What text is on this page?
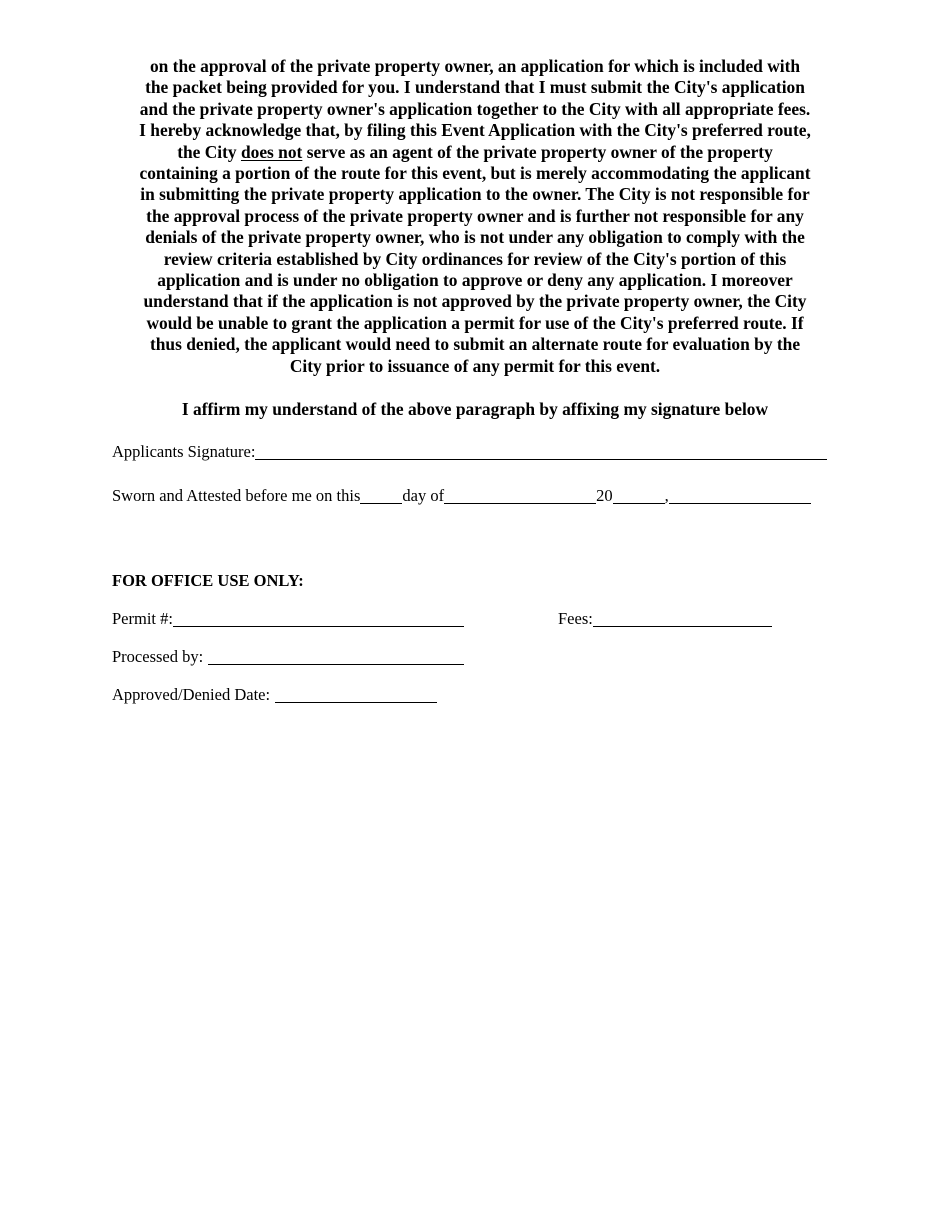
on the approval of the private property owner, an application for which is included with
the packet being provided for you. I understand that I must submit the City's application
and the private property owner's application together to the City with all appropriate fees.
I hereby acknowledge that, by filing this Event Application with the City's preferred route,
the City does not serve as an agent of the private property owner of the property
containing a portion of the route for this event, but is merely accommodating the applicant
in submitting the private property application to the owner. The City is not responsible for
the approval process of the private property owner and is further not responsible for any
denials of the private property owner, who is not under any obligation to comply with the
review criteria established by City ordinances for review of the City's portion of this
application and is under no obligation to approve or deny any application. I moreover
understand that if the application is not approved by the private property owner, the City
would be unable to grant the application a permit for use of the City's preferred route. If
thus denied, the applicant would need to submit an alternate route for evaluation by the
City prior to issuance of any permit for this event.

I affirm my understand of the above paragraph by affixing my signature below

Applicants Signature:
Sworn and Attested before me on this	day of	20	,
FOR OFFICE USE ONLY:
Permit #:	Fees:
Processed by:
Approved/Denied Date:
